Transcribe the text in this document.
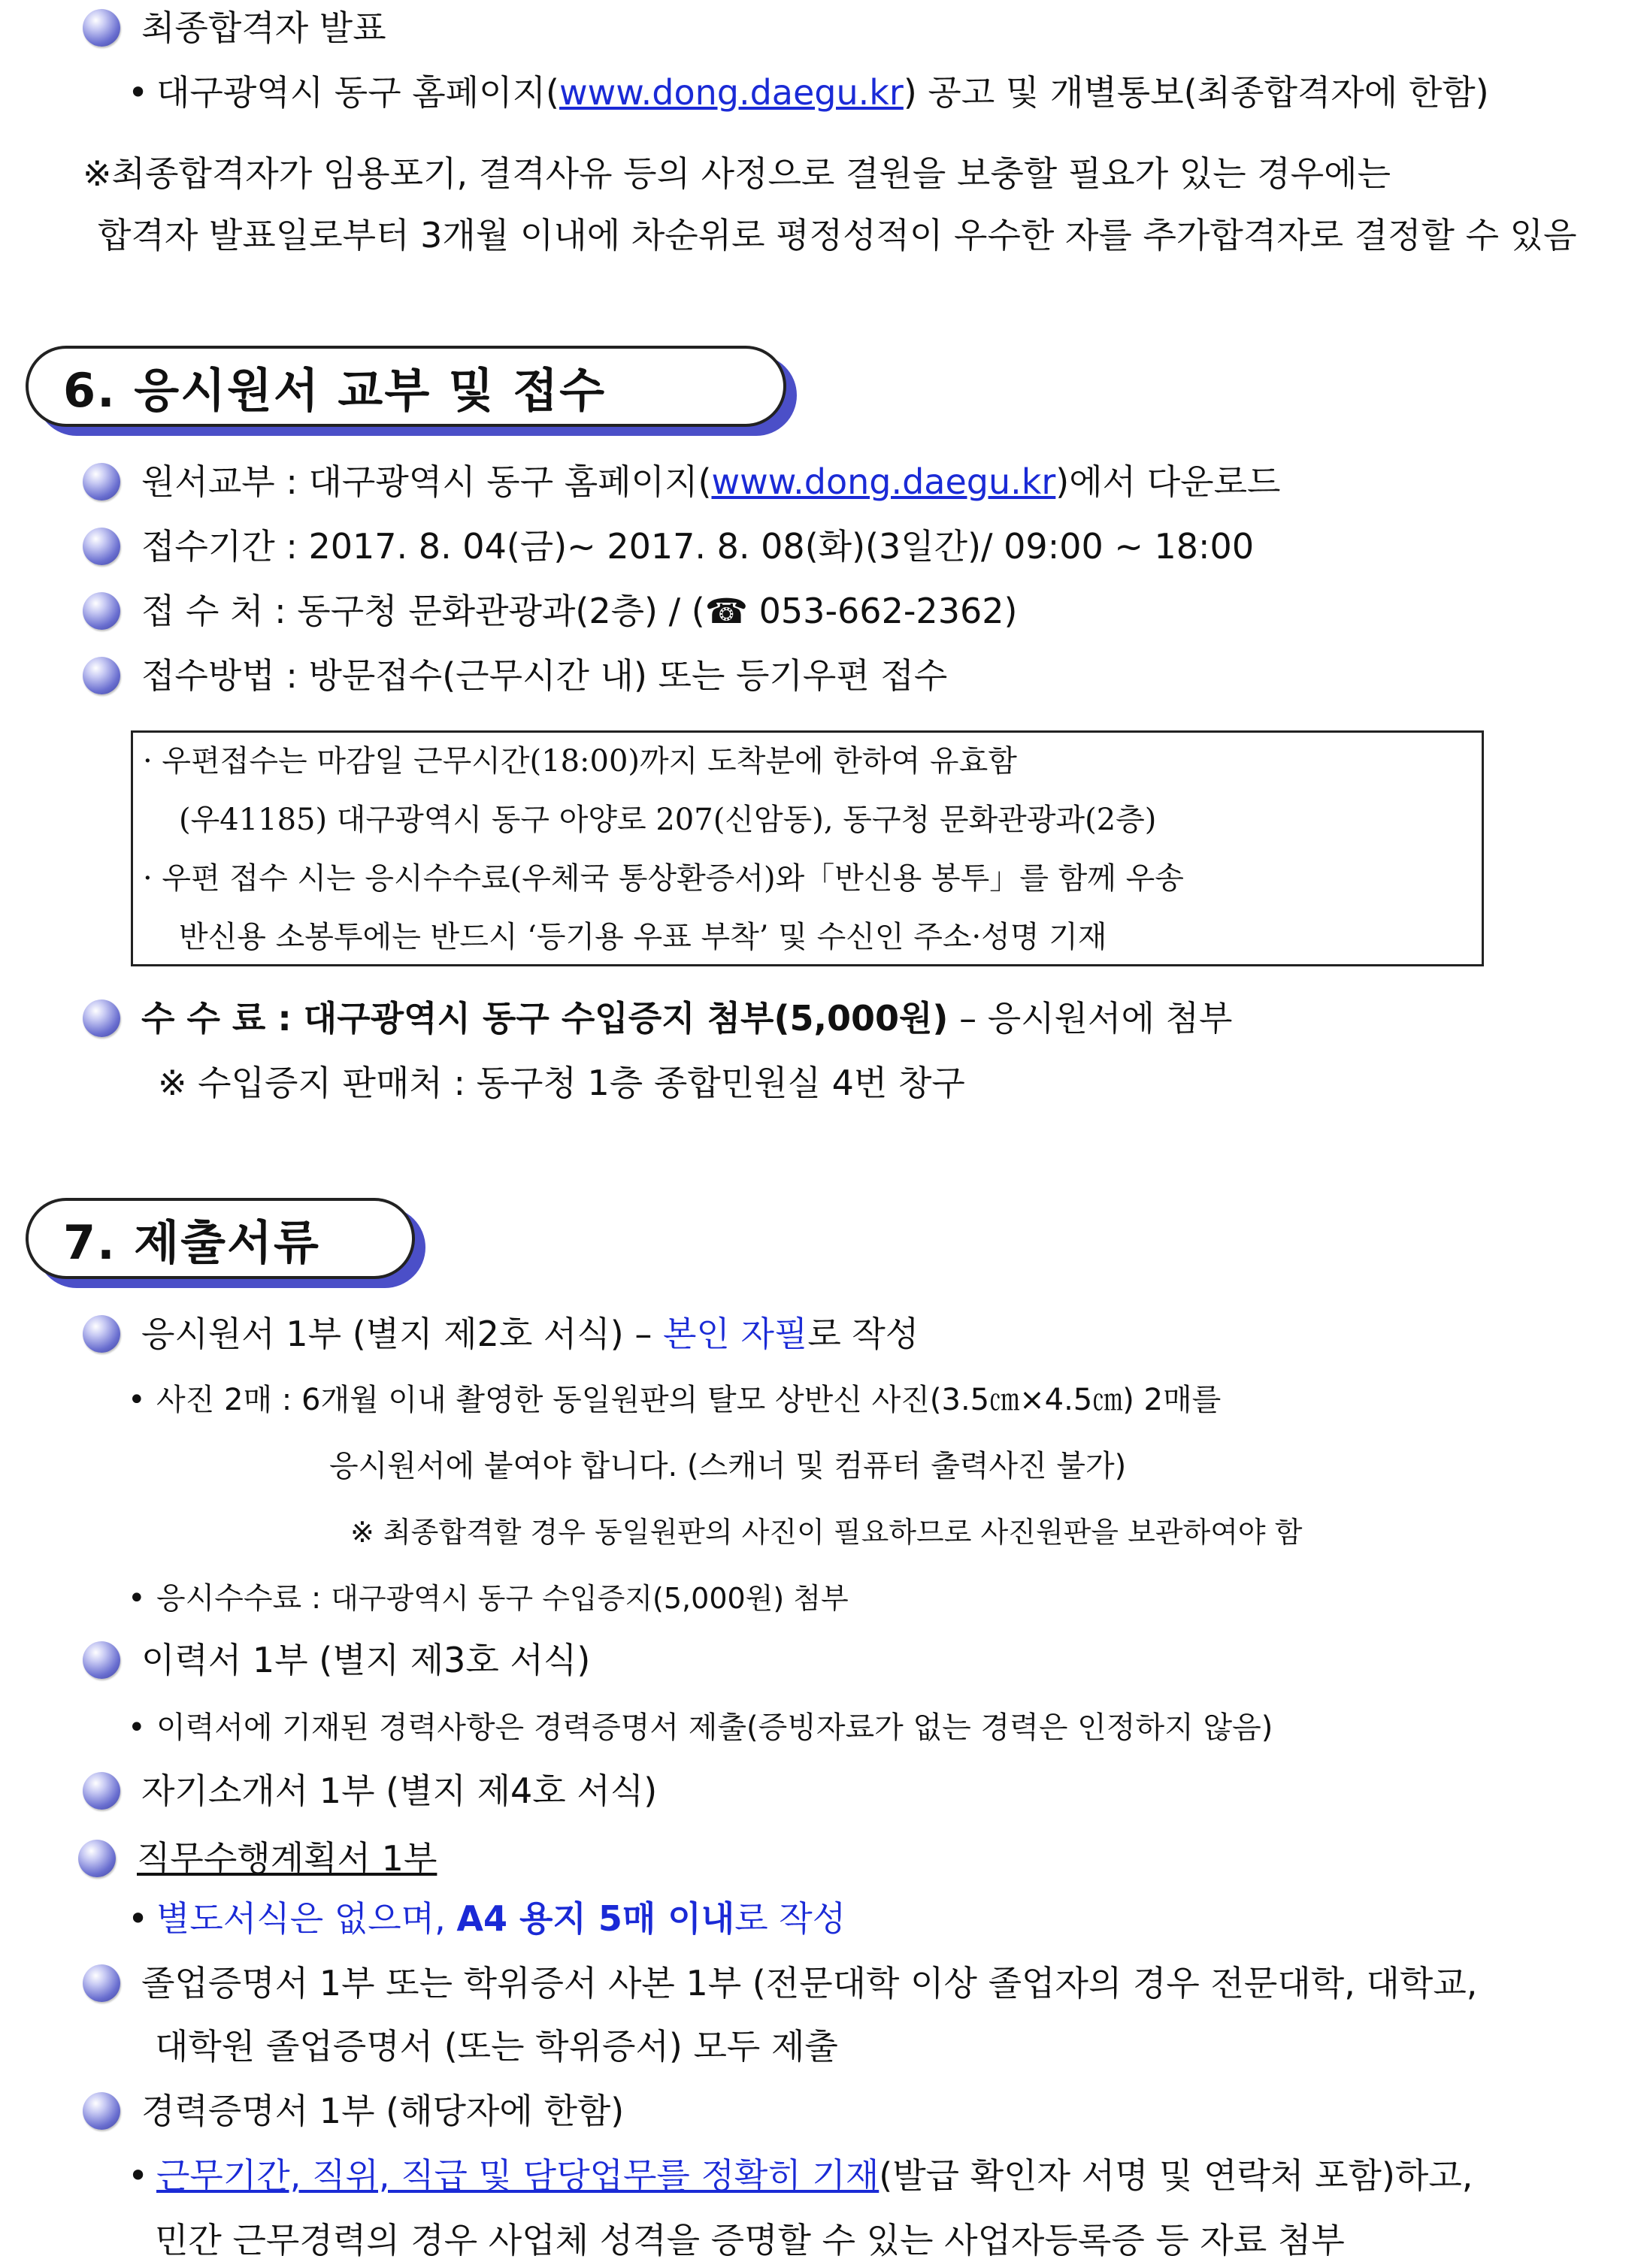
최종합격자 발표
• 대구광역시 동구 홈페이지(www.dong.daegu.kr) 공고 및 개별통보(최종합격자에 한함)
※최종합격자가 임용포기, 결격사유 등의 사정으로 결원을 보충할 필요가 있는 경우에는
합격자 발표일로부터 3개월 이내에 차순위로 평정성적이 우수한 자를 추가합격자로 결정할 수 있음
6. 응시원서 교부 및 접수
원서교부 : 대구광역시 동구 홈페이지(www.dong.daegu.kr)에서 다운로드
접수기간 : 2017. 8. 04(금)~ 2017. 8. 08(화)(3일간)/ 09:00 ~ 18:00
접 수 처 : 동구청 문화관광과(2층) / (☎ 053-662-2362)
접수방법 : 방문접수(근무시간 내) 또는 등기우편 접수
· 우편접수는 마감일 근무시간(18:00)까지 도착분에 한하여 유효함
(우41185) 대구광역시 동구 아양로 207(신암동), 동구청 문화관광과(2층)
· 우편 접수 시는 응시수수료(우체국 통상환증서)와「반신용 봉투」를 함께 우송
반신용 소봉투에는 반드시 ‘등기용 우표 부착’ 및 수신인 주소·성명 기재
수 수 료 : 대구광역시 동구 수입증지 첨부(5,000원) – 응시원서에 첨부
※ 수입증지 판매처 : 동구청 1층 종합민원실 4번 창구
7. 제출서류
응시원서 1부 (별지 제2호 서식) – 본인 자필로 작성
• 사진 2매 : 6개월 이내 촬영한 동일원판의 탈모 상반신 사진(3.5㎝×4.5㎝) 2매를
응시원서에 붙여야 합니다. (스캐너 및 컴퓨터 출력사진 불가)
※ 최종합격할 경우 동일원판의 사진이 필요하므로 사진원판을 보관하여야 함
• 응시수수료 : 대구광역시 동구 수입증지(5,000원) 첨부
이력서 1부 (별지 제3호 서식)
• 이력서에 기재된 경력사항은 경력증명서 제출(증빙자료가 없는 경력은 인정하지 않음)
자기소개서 1부 (별지 제4호 서식)
직무수행계획서 1부
• 별도서식은 없으며, A4 용지 5매 이내로 작성
졸업증명서 1부 또는 학위증서 사본 1부 (전문대학 이상 졸업자의 경우 전문대학, 대학교,
대학원 졸업증명서 (또는 학위증서) 모두 제출
경력증명서 1부 (해당자에 한함)
• 근무기간, 직위, 직급 및 담당업무를 정확히 기재(발급 확인자 서명 및 연락처 포함)하고,
민간 근무경력의 경우 사업체 성격을 증명할 수 있는 사업자등록증 등 자료 첨부
